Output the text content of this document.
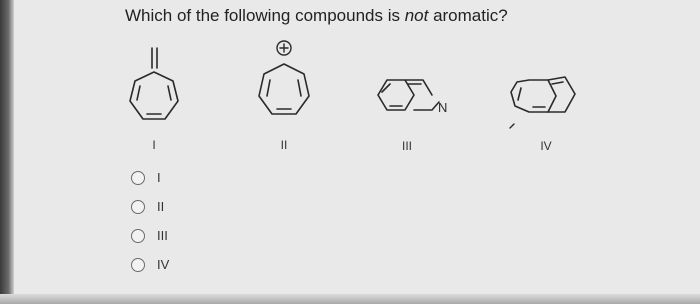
Which of the following compounds is not aromatic?
N
I	II	III	IV
I
II
III
IV
